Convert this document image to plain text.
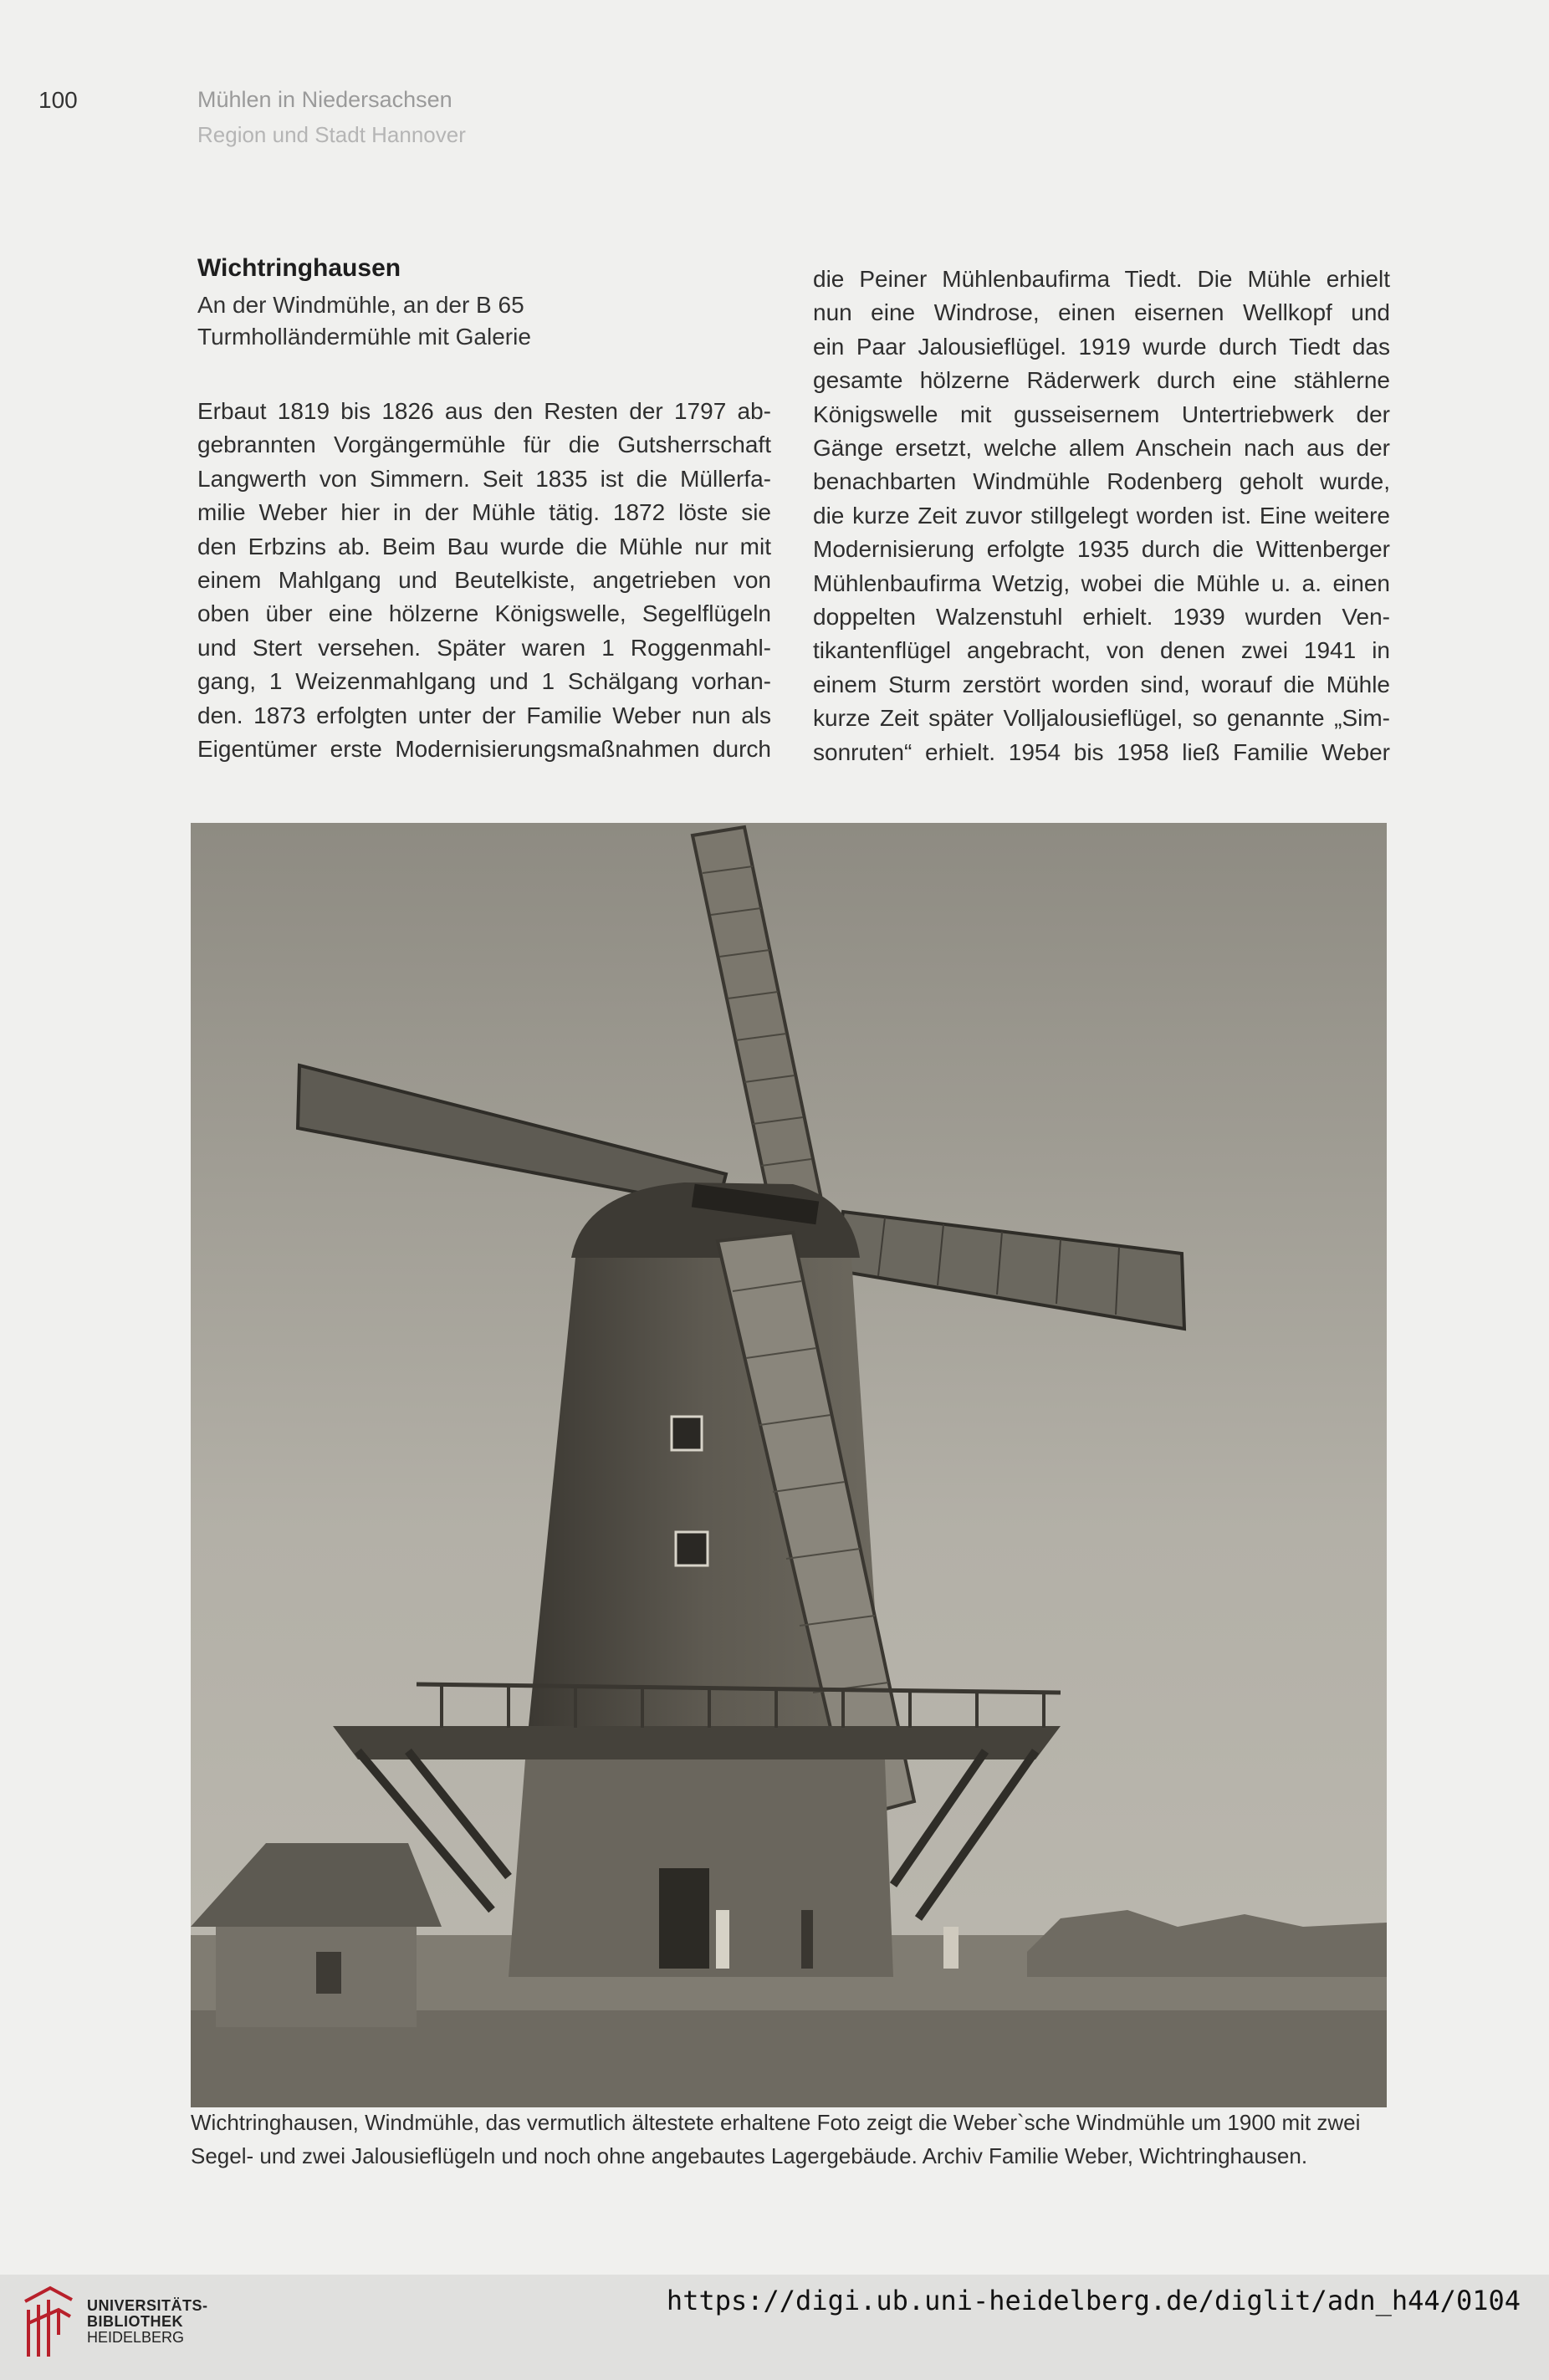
100	Mühlen in Niedersachsen
Region und Stadt Hannover
Wichtringhausen
An der Windmühle, an der B 65
Turmholländermühle mit Galerie
Erbaut 1819 bis 1826 aus den Resten der 1797 ab-
gebrannten Vorgängermühle für die Gutsherrschaft
Langwerth von Simmern. Seit 1835 ist die Müllerfa-
milie Weber hier in der Mühle tätig. 1872 löste sie
den Erbzins ab. Beim Bau wurde die Mühle nur mit
einem Mahlgang und Beutelkiste, angetrieben von
oben über eine hölzerne Königswelle, Segelflügeln
und Stert versehen. Später waren 1 Roggenmahl-
gang, 1 Weizenmahlgang und 1 Schälgang vorhan-
den. 1873 erfolgten unter der Familie Weber nun als
Eigentümer erste Modernisierungsmaßnahmen durch
die Peiner Mühlenbaufirma Tiedt. Die Mühle erhielt
nun eine Windrose, einen eisernen Wellkopf und
ein Paar Jalousieflügel. 1919 wurde durch Tiedt das
gesamte hölzerne Räderwerk durch eine stählerne
Königswelle mit gusseisernem Untertriebwerk der
Gänge ersetzt, welche allem Anschein nach aus der
benachbarten Windmühle Rodenberg geholt wurde,
die kurze Zeit zuvor stillgelegt worden ist. Eine weitere
Modernisierung erfolgte 1935 durch die Wittenberger
Mühlenbaufirma Wetzig, wobei die Mühle u. a. einen
doppelten Walzenstuhl erhielt. 1939 wurden Ven-
tikantenflügel angebracht, von denen zwei 1941 in
einem Sturm zerstört worden sind, worauf die Mühle
kurze Zeit später Volljalousieflügel, so genannte „Sim-
sonruten“ erhielt. 1954 bis 1958 ließ Familie Weber

Wichtringhausen, Windmühle, das vermutlich ältestete erhaltene Foto zeigt die Weber`sche Windmühle um 1900 mit zwei

Segel- und zwei Jalousieflügeln und noch ohne angebautes Lagergebäude. Archiv Familie Weber, Wichtringhausen.

UNIVERSITÄTS-
BIBLIOTHEK
HEIDELBERG
https://digi.ub.uni-heidelberg.de/diglit/adn_h44/0104
